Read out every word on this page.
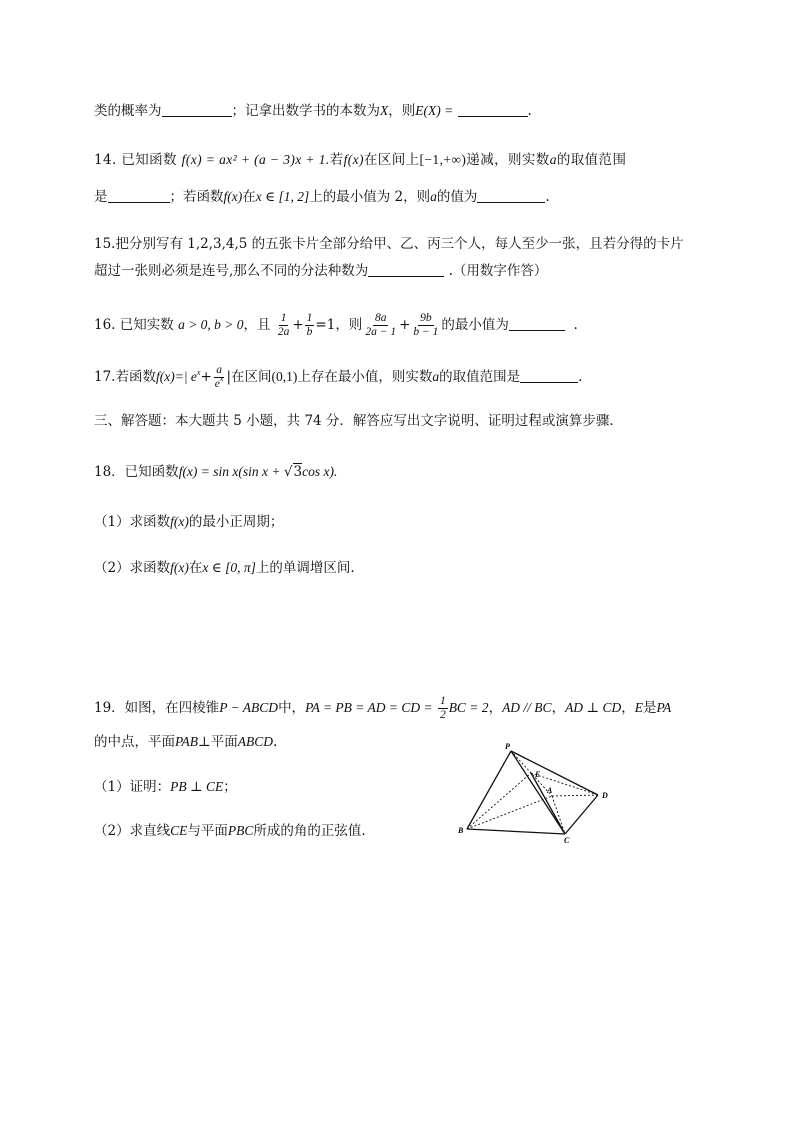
类的概率为	；记拿出数学书的本数为X，则E(X) =	.
14. 已知函数 f(x) = ax² + (a − 3)x + 1.若f(x)在区间上[−1,+∞)递减，则实数a的取值范围
是	；若函数f(x)在x ∈ [1, 2]上的最小值为 2，则a的值为	.
15.把分别写有 1,2,3,4,5 的五张卡片全部分给甲、乙、丙三个人，每人至少一张，且若分得的卡片
超过一张则必须是连号,那么不同的分法种数为	.（用数字作答）
16. 已知实数 a > 0, b > 0，且 $\frac{1}{2a} + \frac{1}{b} =1$，则 $\frac{8a}{2a - 1} + \frac{9b}{b - 1}$ 的最小值为	.
17.若函数f(x)=| $e^x+ \frac{a}{e^x}$ |在区间(0,1)上存在最小值，则实数a的取值范围是	.
三、解答题：本大题共 5 小题，共 74 分．解答应写出文字说明、证明过程或演算步骤．
18．已知函数f(x) = sin x(sin x + √3cos x).
（1）求函数f(x)的最小正周期；
（2）求函数f(x)在x ∈ [0, π]上的单调增区间.
19．如图，在四棱锥P − ABCD中，PA = PB = AD = CD = $\frac{1}{2}$ BC = 2，AD // BC，AD ⊥ CD，E是PA
的中点，平面PAB⊥平面ABCD.
（1）证明：PB ⊥ CE；
（2）求直线CE与平面PBC所成的角的正弦值.
P
E
A
D
B
C
